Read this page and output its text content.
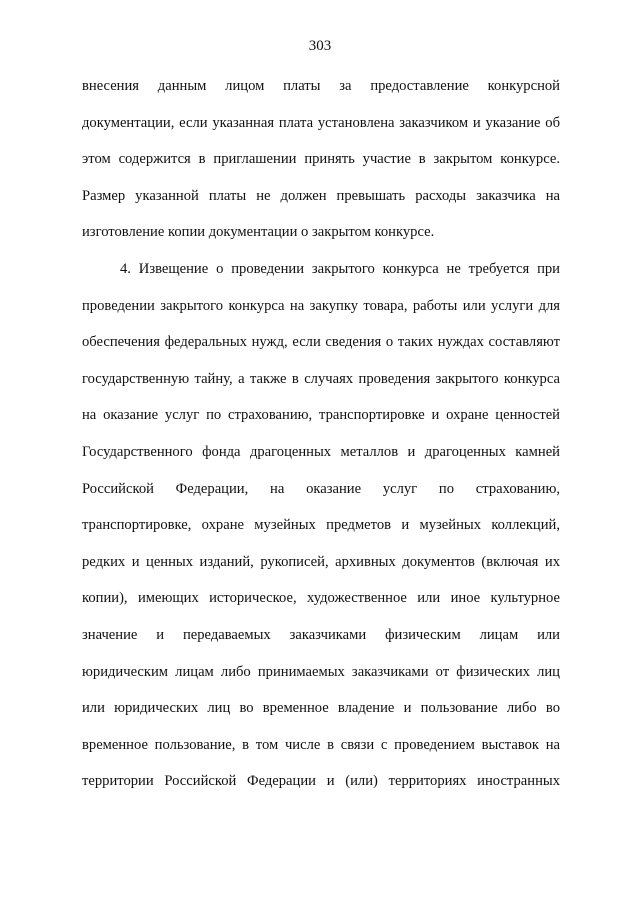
303
внесения данным лицом платы за предоставление конкурсной
документации, если указанная плата установлена заказчиком и указание об
этом содержится в приглашении принять участие в закрытом конкурсе.
Размер указанной платы не должен превышать расходы заказчика на
изготовление копии документации о закрытом конкурсе.
4. Извещение о проведении закрытого конкурса не требуется при
проведении закрытого конкурса на закупку товара, работы или услуги для
обеспечения федеральных нужд, если сведения о таких нуждах составляют
государственную тайну, а также в случаях проведения закрытого конкурса
на оказание услуг по страхованию, транспортировке и охране ценностей
Государственного фонда драгоценных металлов и драгоценных камней
Российской Федерации, на оказание услуг по страхованию,
транспортировке, охране музейных предметов и музейных коллекций,
редких и ценных изданий, рукописей, архивных документов (включая их
копии), имеющих историческое, художественное или иное культурное
значение и передаваемых заказчиками физическим лицам или
юридическим лицам либо принимаемых заказчиками от физических лиц
или юридических лиц во временное владение и пользование либо во
временное пользование, в том числе в связи с проведением выставок на
территории Российской Федерации и (или) территориях иностранных
